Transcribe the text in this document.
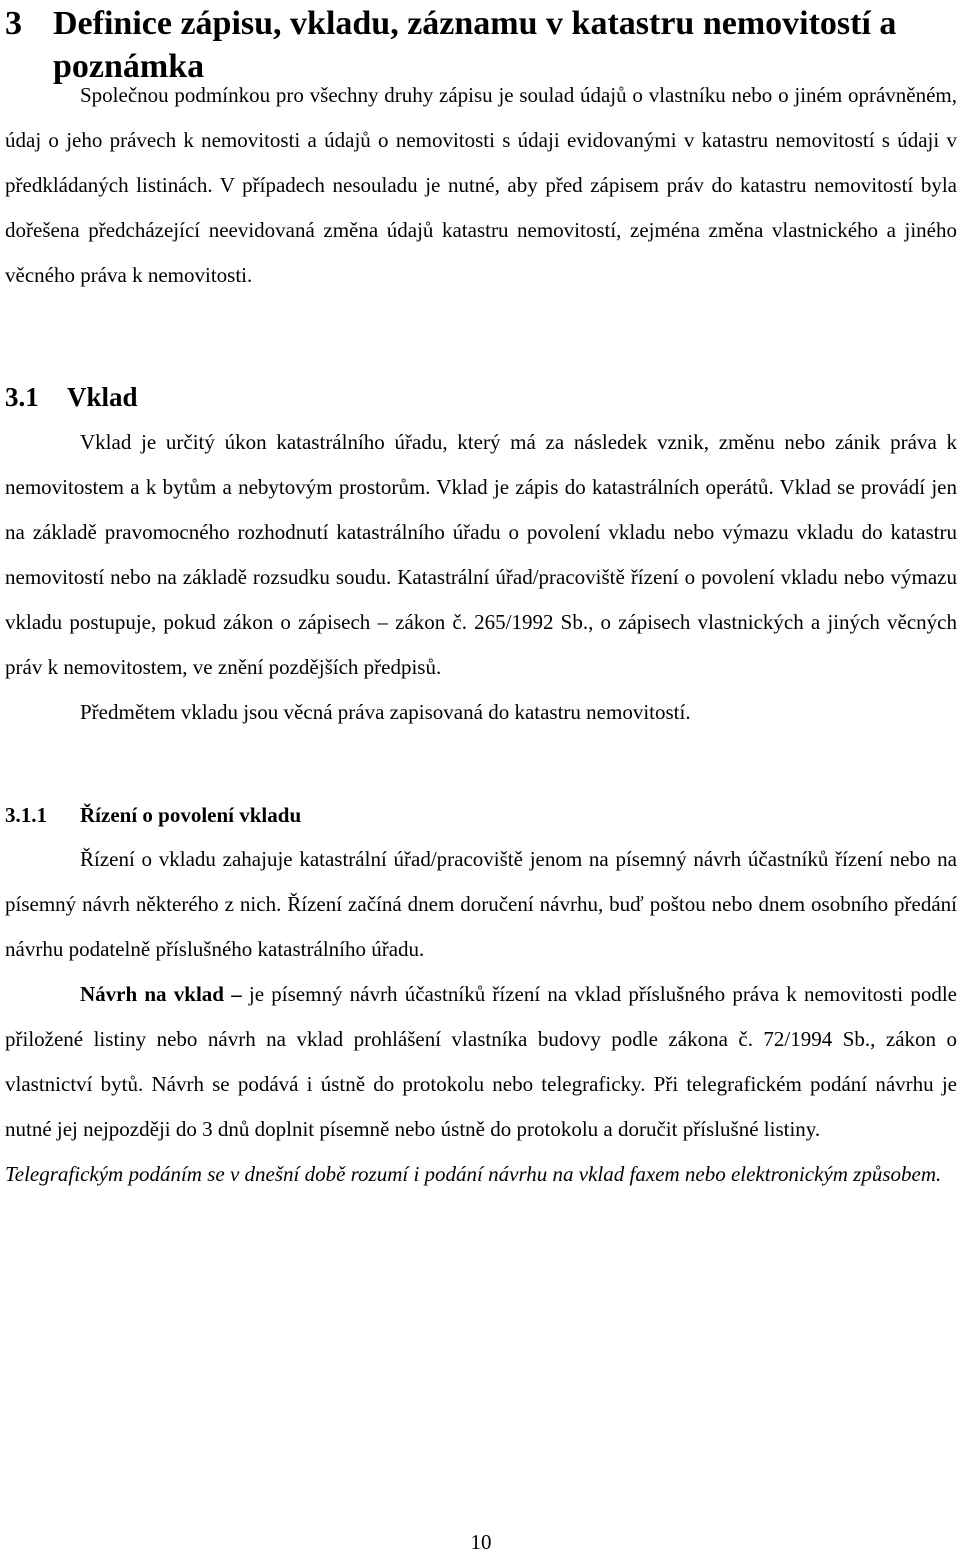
3 Definice zápisu, vkladu, záznamu v katastru nemovitostí a poznámka

Společnou podmínkou pro všechny druhy zápisu je soulad údajů o vlastníku nebo o jiném oprávněném, údaj o jeho právech k nemovitosti a údajů o nemovitosti s údaji evidovanými v katastru nemovitostí s údaji v předkládaných listinách. V případech nesouladu je nutné, aby před zápisem práv do katastru nemovitostí byla dořešena předcházející neevidovaná změna údajů katastru nemovitostí, zejména změna vlastnického a jiného věcného práva k nemovitosti.

3.1	Vklad

Vklad je určitý úkon katastrálního úřadu, který má za následek vznik, změnu nebo zánik práva k nemovitostem a k bytům a nebytovým prostorům. Vklad je zápis do katastrálních operátů. Vklad se provádí jen na základě pravomocného rozhodnutí katastrálního úřadu o povolení vkladu nebo výmazu vkladu do katastru nemovitostí nebo na základě rozsudku soudu. Katastrální úřad/pracoviště řízení o povolení vkladu nebo výmazu vkladu postupuje, pokud zákon o zápisech – zákon č. 265/1992 Sb., o zápisech vlastnických a jiných věcných práv k nemovitostem, ve znění pozdějších předpisů.

Předmětem vkladu jsou věcná práva zapisovaná do katastru nemovitostí.

3.1.1	Řízení o povolení vkladu

Řízení o vkladu zahajuje katastrální úřad/pracoviště jenom na písemný návrh účastníků řízení nebo na písemný návrh některého z nich. Řízení začíná dnem doručení návrhu, buď poštou nebo dnem osobního předání návrhu podatelně příslušného katastrálního úřadu.

Návrh na vklad – je písemný návrh účastníků řízení na vklad příslušného práva k nemovitosti podle přiložené listiny nebo návrh na vklad prohlášení vlastníka budovy podle zákona č. 72/1994 Sb., zákon o vlastnictví bytů. Návrh se podává i ústně do protokolu nebo telegraficky. Při telegrafickém podání návrhu je nutné jej nejpozději do 3 dnů doplnit písemně nebo ústně do protokolu a doručit příslušné listiny.

Telegrafickým podáním se v dnešní době rozumí i podání návrhu na vklad faxem nebo elektronickým způsobem.

10
